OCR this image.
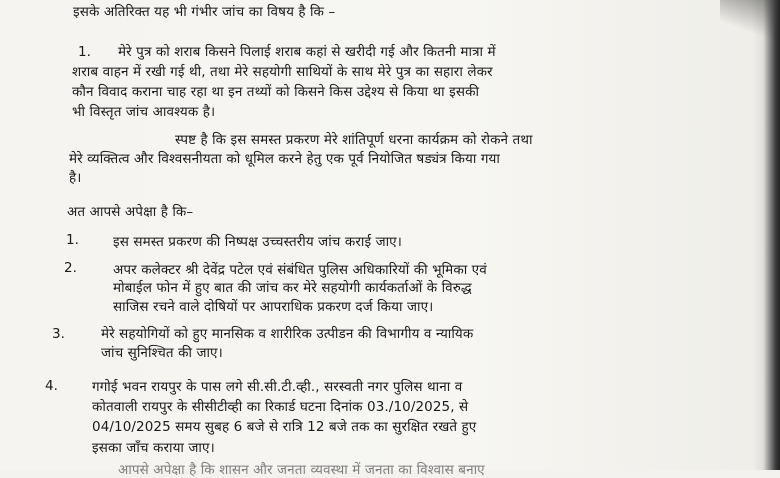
इसके अतिरिक्त यह भी गंभीर जांच का विषय है कि –
1. मेरे पुत्र को शराब किसने पिलाई शराब कहां से खरीदी गई और कितनी मात्रा में
शराब वाहन में रखी गई थी, तथा मेरे सहयोगी साथियों के साथ मेरे पुत्र का सहारा लेकर
कौन विवाद कराना चाह रहा था इन तथ्यों को किसने किस उद्देश्य से किया था इसकी
भी विस्तृत जांच आवश्यक है।
स्पष्ट है कि इस समस्त प्रकरण मेरे शांतिपूर्ण धरना कार्यक्रम को रोकने तथा
मेरे व्यक्तित्व और विश्वसनीयता को धूमिल करने हेतु एक पूर्व नियोजित षड्यंत्र किया गया
है।
अत आपसे अपेक्षा है कि–
1.	इस समस्त प्रकरण की निष्पक्ष उच्चस्तरीय जांच कराई जाए।
2.	अपर कलेक्टर श्री देवेंद्र पटेल एवं संबंधित पुलिस अधिकारियों की भूमिका एवं
मोबाईल फोन में हुए बात की जांच कर मेरे सहयोगी कार्यकर्ताओं के विरुद्ध
साजिस रचने वाले दोषियों पर आपराधिक प्रकरण दर्ज किया जाए।
3.	मेरे सहयोगियों को हुए मानसिक व शारीरिक उत्पीडन की विभागीय व न्यायिक
जांच सुनिश्चित की जाए।
4.	गगोई भवन रायपुर के पास लगे सी.सी.टी.व्ही., सरस्वती नगर पुलिस थाना व
कोतवाली रायपुर के सीसीटीव्ही का रिकार्ड घटना दिनांक 03./10/2025, से
04/10/2025 समय सुबह 6 बजे से रात्रि 12 बजे तक का सुरक्षित रखते हुए
इसका जाँच कराया जाए।
आपसे अपेक्षा है कि शासन और जनता व्यवस्था में जनता का विश्वास बनाए
